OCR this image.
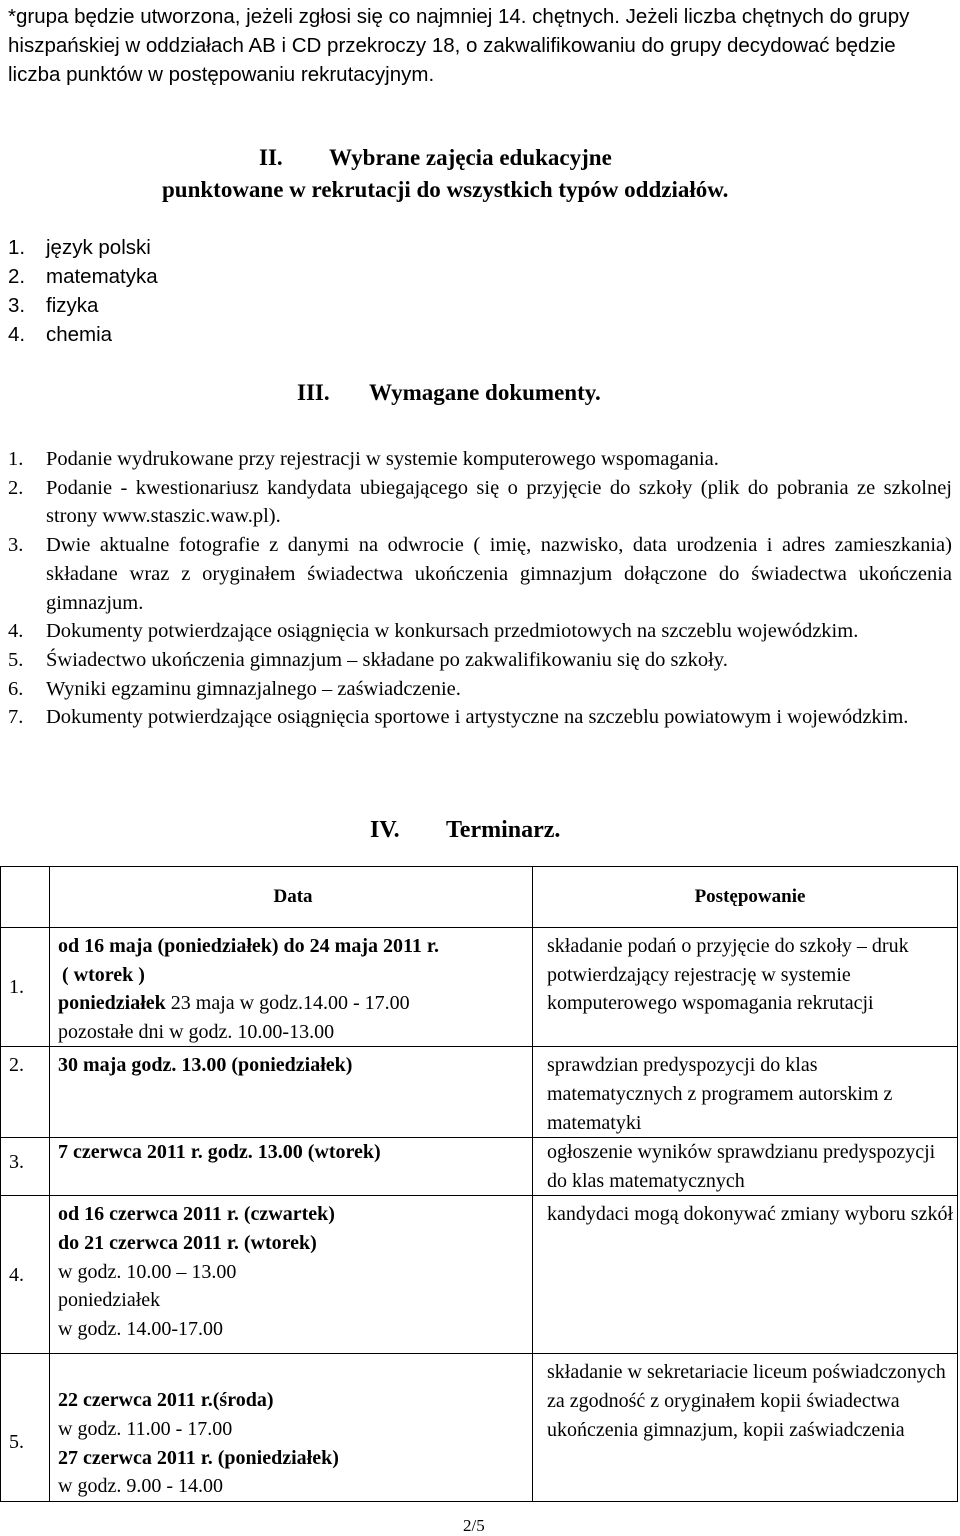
*grupa będzie utworzona, jeżeli zgłosi się co najmniej 14. chętnych. Jeżeli liczba chętnych do grupy hiszpańskiej w oddziałach AB i CD przekroczy 18, o zakwalifikowaniu do grupy decydować będzie liczba punktów w postępowaniu rekrutacyjnym.

II. Wybrane zajęcia edukacyjne
punktowane w rekrutacji do wszystkich typów oddziałów.
1. język polski
2. matematyka
3. fizyka
4. chemia
III. Wymagane dokumenty.
1. Podanie wydrukowane przy rejestracji w systemie komputerowego wspomagania.
2. Podanie - kwestionariusz kandydata ubiegającego się o przyjęcie do szkoły (plik do pobrania ze szkolnej strony www.staszic.waw.pl).
3. Dwie aktualne fotografie z danymi na odwrocie ( imię, nazwisko, data urodzenia i adres zamieszkania) składane wraz z oryginałem świadectwa ukończenia gimnazjum dołączone do świadectwa ukończenia gimnazjum.
4. Dokumenty potwierdzające osiągnięcia w konkursach przedmiotowych na szczeblu wojewódzkim.
5. Świadectwo ukończenia gimnazjum – składane po zakwalifikowaniu się do szkoły.
6. Wyniki egzaminu gimnazjalnego – zaświadczenie.
7. Dokumenty potwierdzające osiągnięcia sportowe i artystyczne na szczeblu powiatowym i wojewódzkim.
IV. Terminarz.
	Data	Postępowanie
1.	od 16 maja (poniedziałek) do 24 maja 2011 r.
( wtorek )
poniedziałek 23 maja w godz.14.00 - 17.00
pozostałe dni w godz. 10.00-13.00	składanie podań o przyjęcie do szkoły – druk potwierdzający rejestrację w systemie komputerowego wspomagania rekrutacji
2.	30 maja godz. 13.00 (poniedziałek)	sprawdzian predyspozycji do klas matematycznych z programem autorskim z matematyki
3.	7 czerwca 2011 r. godz. 13.00 (wtorek)	ogłoszenie wyników sprawdzianu predyspozycji do klas matematycznych
4.	od 16 czerwca 2011 r. (czwartek)
do 21 czerwca 2011 r. (wtorek)
w godz. 10.00 – 13.00
poniedziałek
w godz. 14.00-17.00	kandydaci mogą dokonywać zmiany wyboru szkół
5.	22 czerwca 2011 r.(środa)
w godz. 11.00 - 17.00
27 czerwca 2011 r. (poniedziałek)
w godz. 9.00 - 14.00	składanie w sekretariacie liceum poświadczonych za zgodność z oryginałem kopii świadectwa ukończenia gimnazjum, kopii zaświadczenia
2/5
